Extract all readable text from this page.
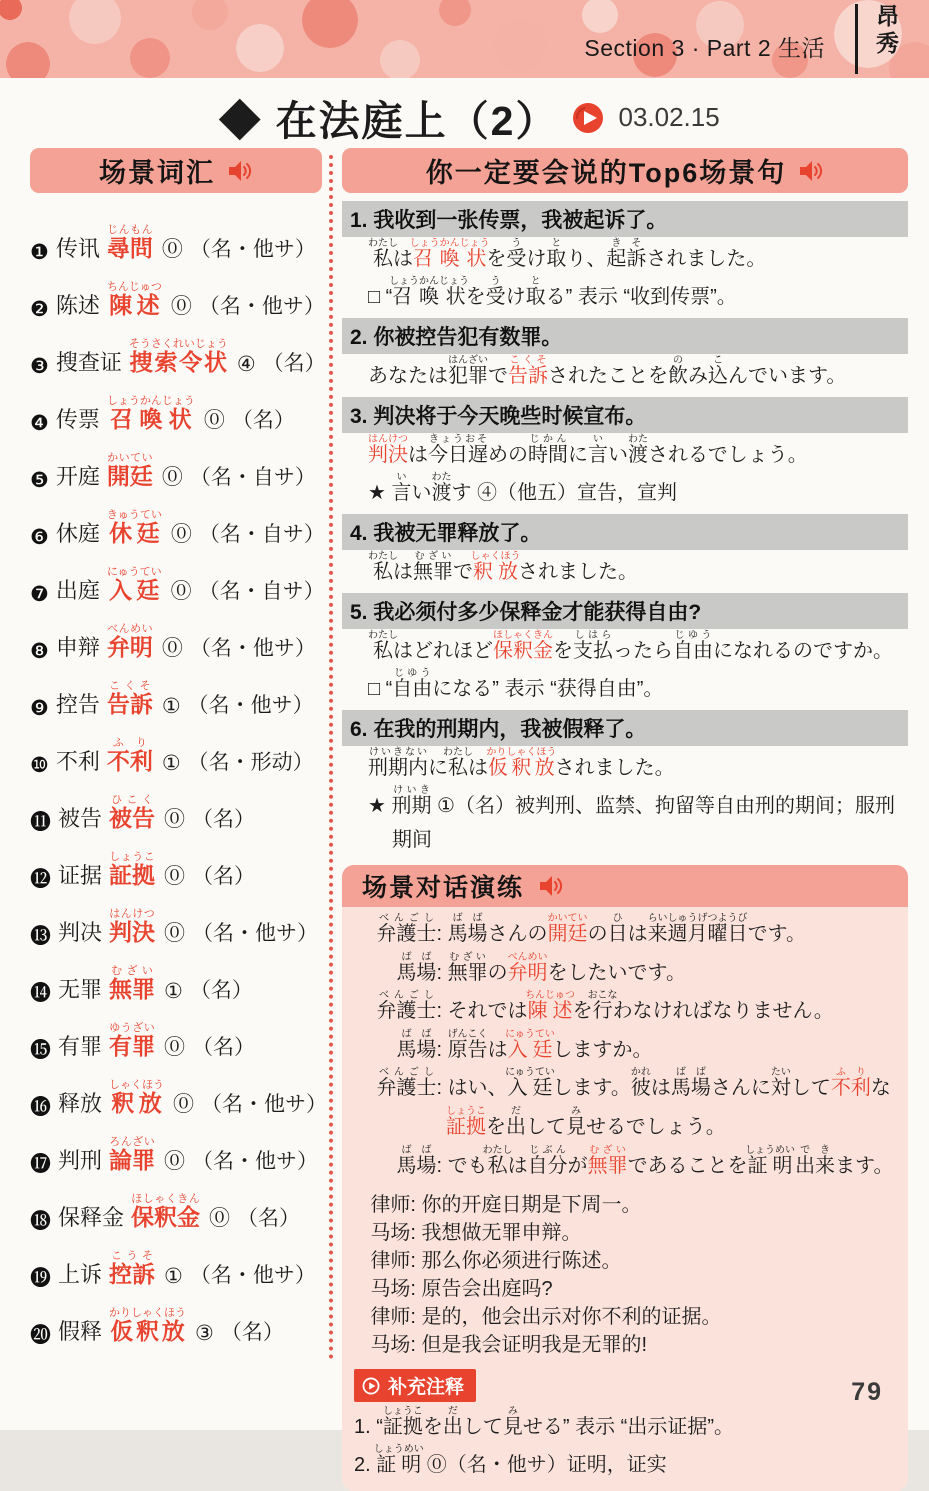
Section 3 · Part 2 生活	昂秀
◆ 在法庭上（2） 03.02.15
场景词汇
❶ 传讯 尋問じんもん
⓪ （名・他サ）
❷ 陈述 陳述ちんじゅつ
⓪ （名・他サ）
❸ 搜查证 捜索令状そうさくれいじょう
④ （名）
❹ 传票 召喚状しょうかんじょう
⓪ （名）
❺ 开庭 開廷かいてい
⓪ （名・自サ）
❻ 休庭 休廷きゅうてい
⓪ （名・自サ）
❼ 出庭 入廷にゅうてい
⓪ （名・自サ）
❽ 申辩 弁明べんめい
⓪ （名・他サ）
❾ 控告 告訴こくそ
① （名・他サ）
❿ 不利 不利ふり
① （名・形动）
⓫ 被告 被告ひこく
⓪ （名）
⓬ 证据 証拠しょうこ
⓪ （名）
⓭ 判决 判決はんけつ
⓪ （名・他サ）
⓮ 无罪 無罪むざい
① （名）
⓯ 有罪 有罪ゆうざい
⓪ （名）
⓰ 释放 釈放しゃくほう
⓪ （名・他サ）
⓱ 判刑 論罪ろんざい
⓪ （名・他サ）
⓲ 保释金 保釈金ほしゃくきん
⓪ （名）
⓳ 上诉 控訴こうそ
① （名・他サ）
⓴ 假释 仮釈放かりしゃくほう
③ （名）
你一定要会说的Top6场景句
1. 我收到一张传票，我被起诉了。
私わたしは召喚状しょうかんじょうを受うけ取とり、起訴きそされました。
□ “召喚状しょうかんじょうを受うけ取とる” 表示 “收到传票”。
2. 你被控告犯有数罪。
あなたは犯罪はんざいで告訴こくそされたことを飲のみ込こんでいます。
3. 判决将于今天晚些时候宣布。
判決はんけつは今日遅きょうおそめの時間じかんに言いい渡わたされるでしょう。
★ 言いい渡わたす ④（他五）宣告，宣判
4. 我被无罪释放了。
私わたしは無罪むざいで釈放しゃくほうされました。
5. 我必须付多少保释金才能获得自由?
私わたしはどれほど保釈金ほしゃくきんを支払しはらったら自由じゆうになれるのですか。
□ “自由じゆうになる” 表示 “获得自由”。
6. 在我的刑期内，我被假释了。
刑期内けいきないに私わたしは仮釈放かりしゃくほうされました。
★ 刑期けいき ①（名）被判刑、监禁、拘留等自由刑的期间；服刑期间
场景对话演练
弁護士べんごし: 馬場ばばさんの開廷かいていの日ひは来週月曜日らいしゅうげつようびです。
馬場ばば: 無罪むざいの弁明べんめいをしたいです。
弁護士べんごし: それでは陳述ちんじゅつを行おこなわなければなりません。
馬場ばば: 原告げんこくは入廷にゅうていしますか。
弁護士べんごし: はい、入廷にゅうていします。彼かれは馬場ばばさんに対たいして不ふ利りな証拠しょうこを出だして見みせるでしょう。
馬場ばば: でも私わたしは自分じぶんが無罪むざいであることを証明しょうめい出来できます。
律师: 你的开庭日期是下周一。
马场: 我想做无罪申辩。
律师: 那么你必须进行陈述。
马场: 原告会出庭吗?
律师: 是的，他会出示对你不利的证据。
马场: 但是我会证明我是无罪的!
补充注释
1. “証拠しょうこを出だして見みせる” 表示 “出示证据”。
2. 証明しょうめい ⓪（名・他サ）证明，证实
79
